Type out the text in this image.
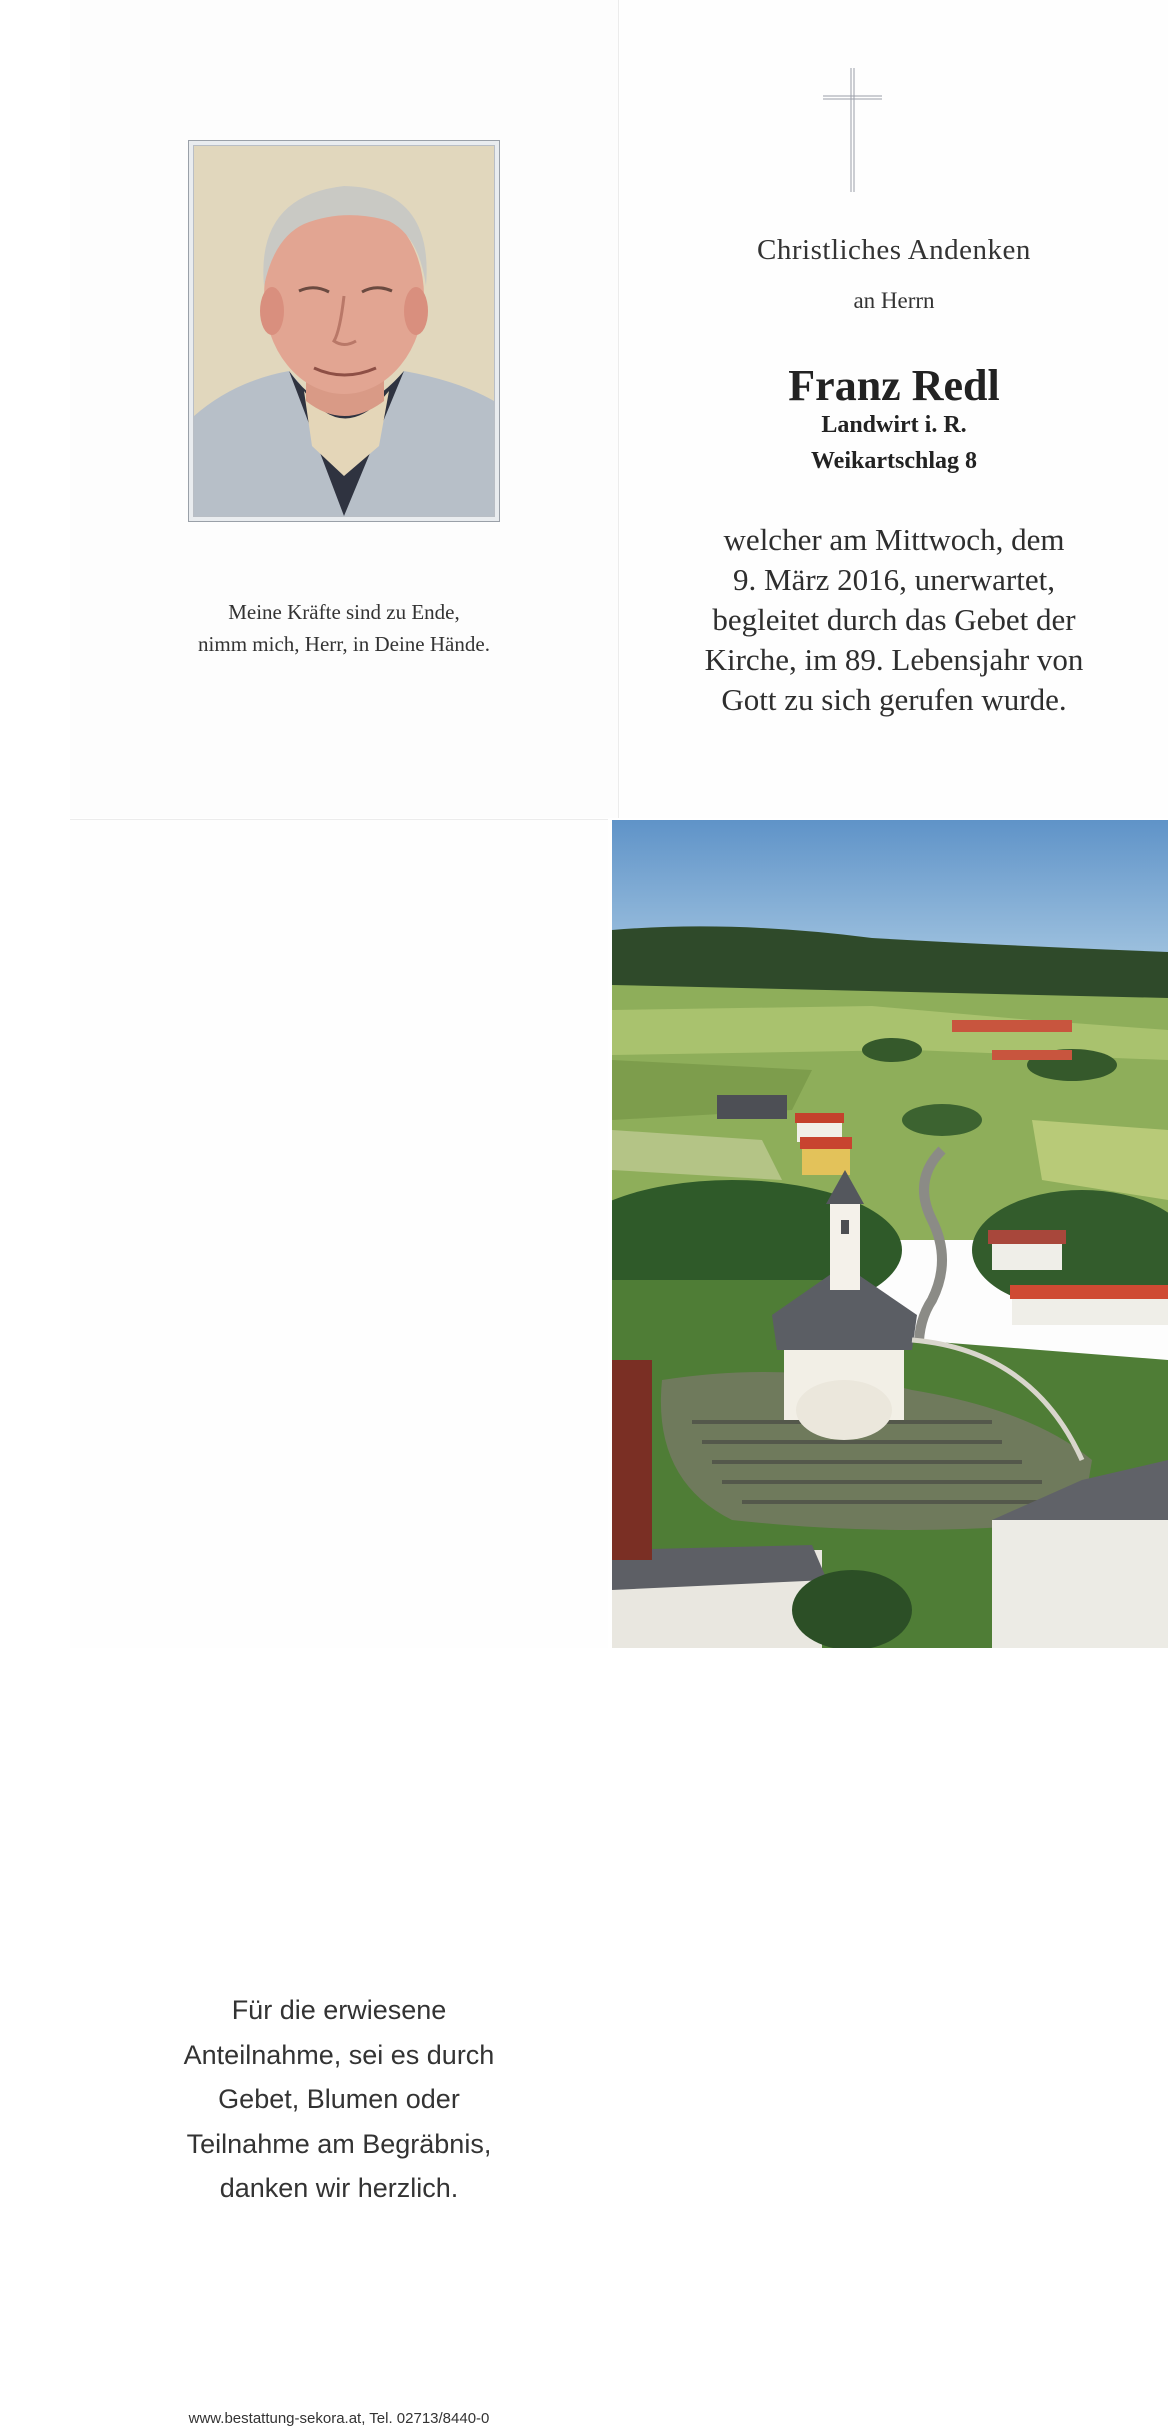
Meine Kräfte sind zu Ende,
nimm mich, Herr, in Deine Hände.
Christliches Andenken
an Herrn
Franz Redl
Landwirt i. R.
Weikartschlag 8
welcher am Mittwoch, dem
9. März 2016, unerwartet,
begleitet durch das Gebet der
Kirche, im 89. Lebensjahr von
Gott zu sich gerufen wurde.
Für die erwiesene
Anteilnahme, sei es durch
Gebet, Blumen oder
Teilnahme am Begräbnis,
danken wir herzlich.
www.bestattung-sekora.at, Tel. 02713/8440-0
